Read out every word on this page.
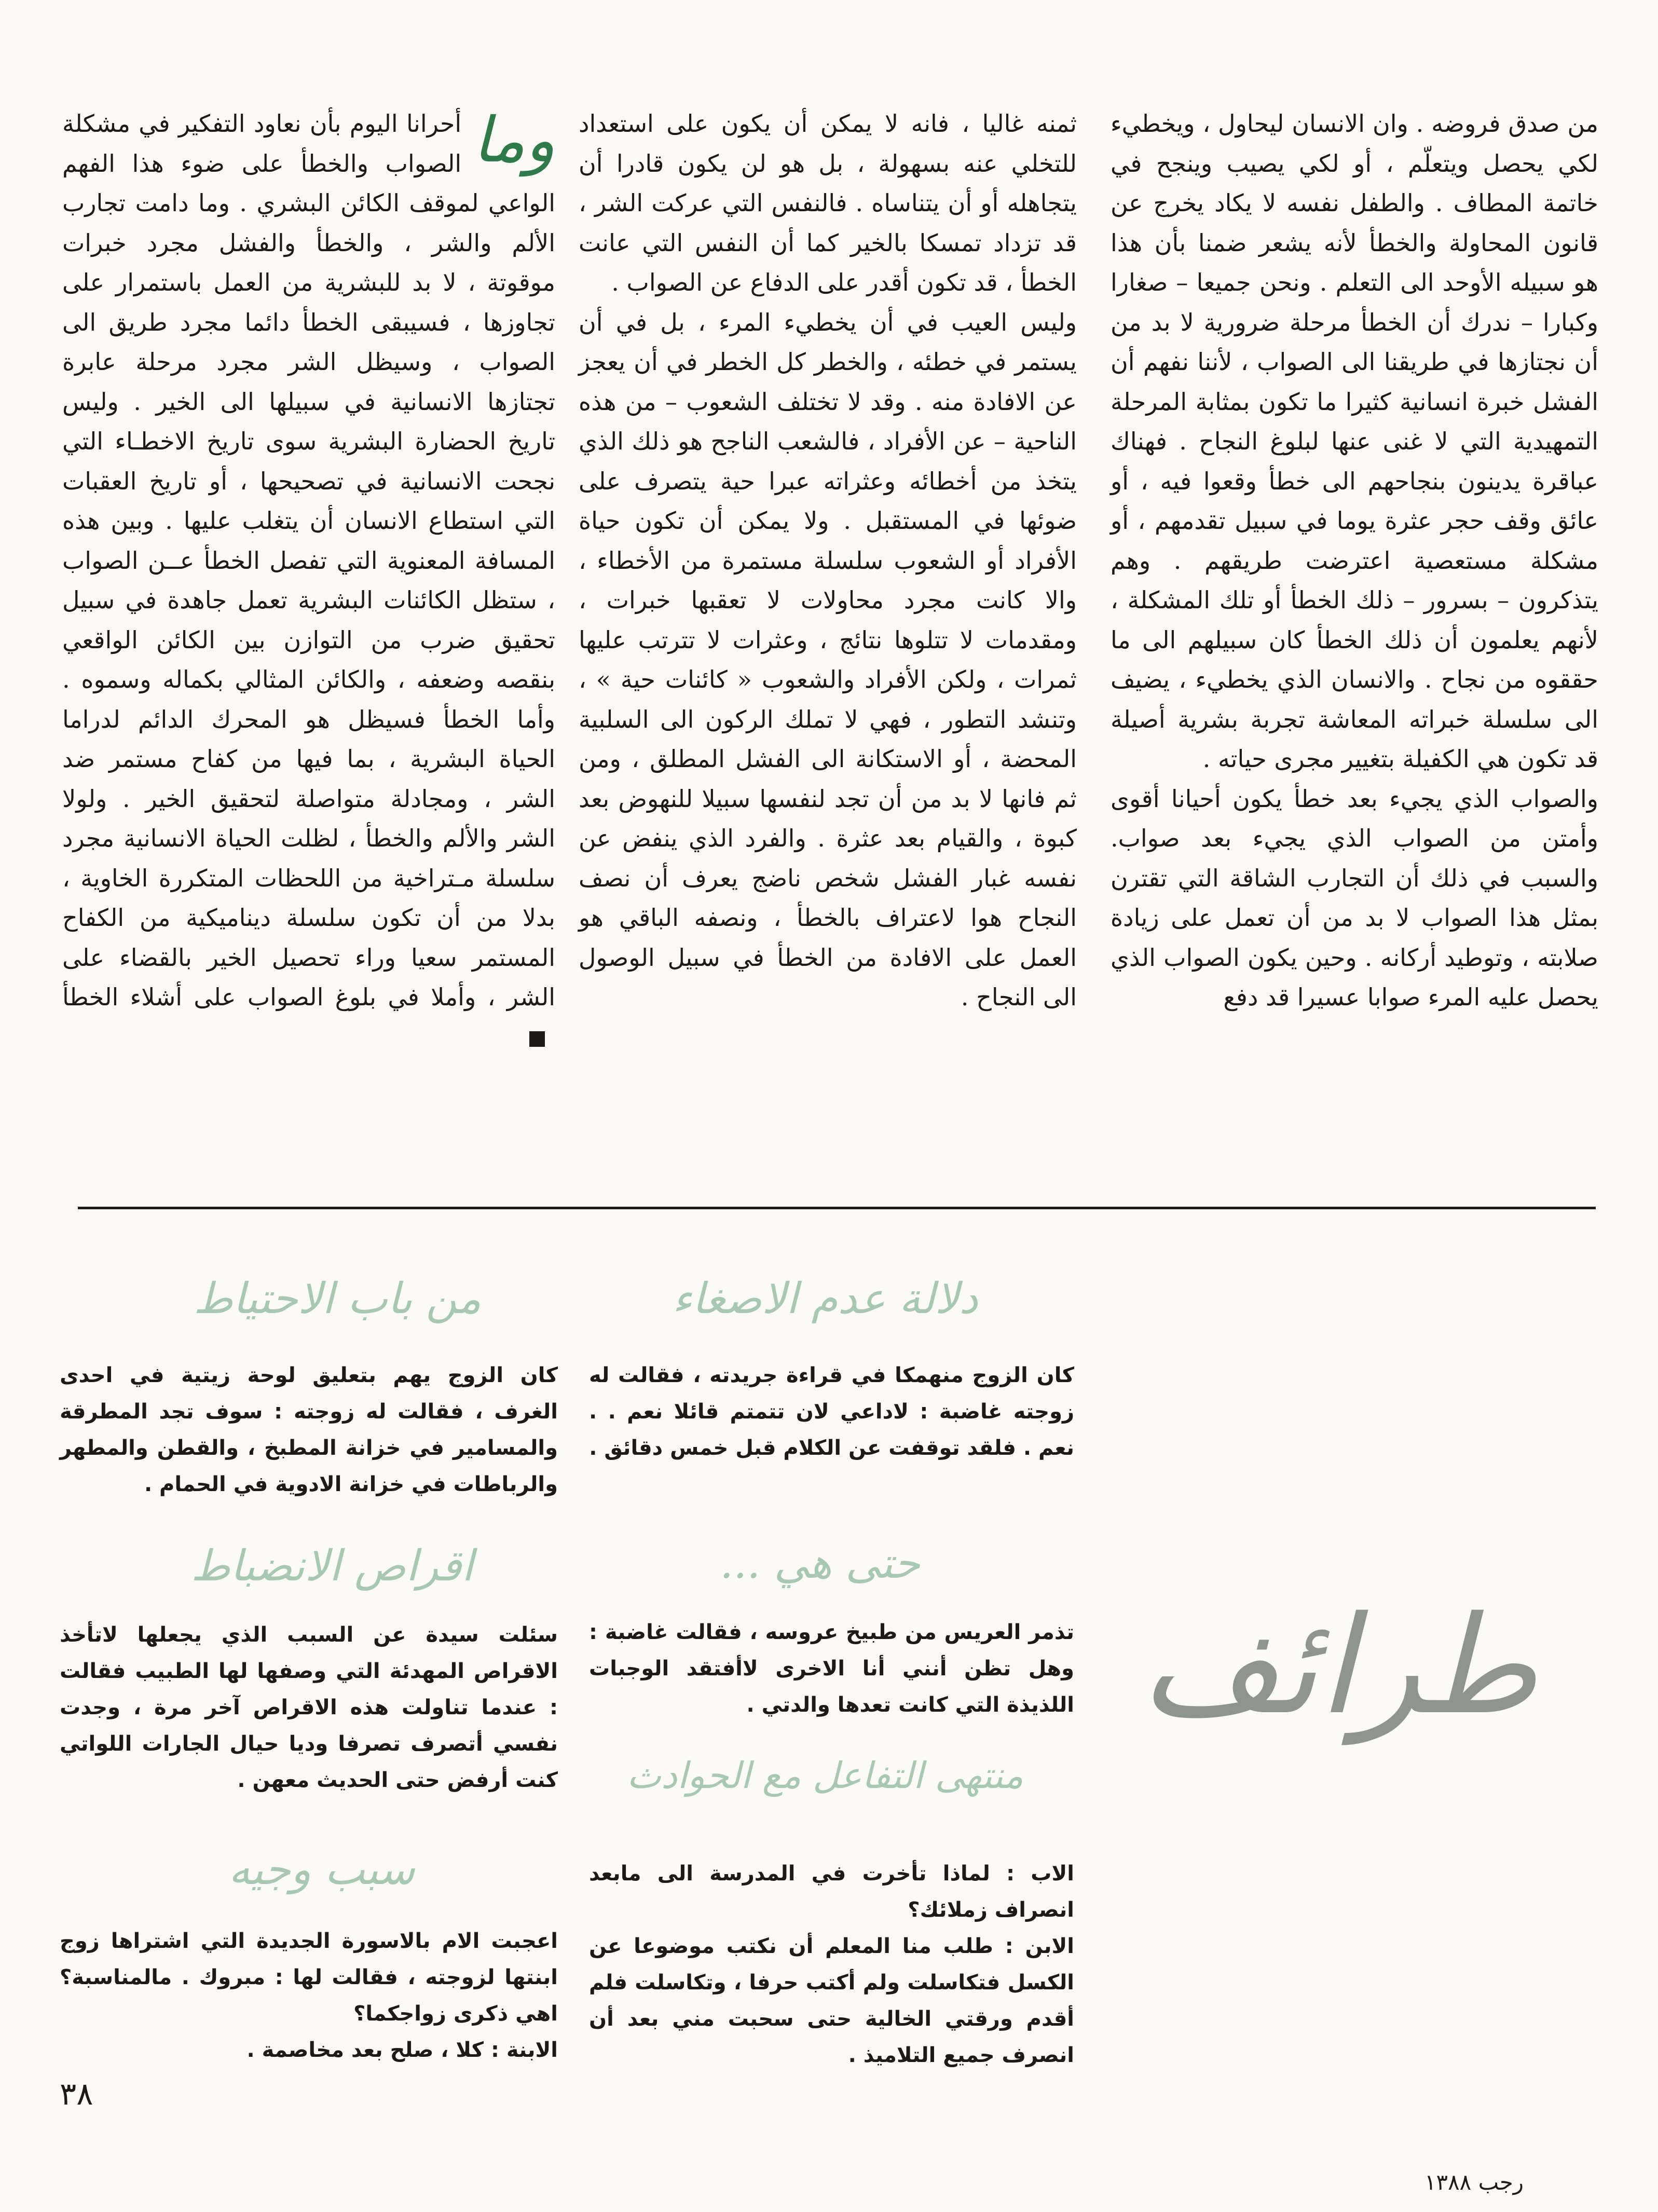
من صدق فروضه . وان الانسان ليحاول ، ويخطيء لكي يحصل ويتعلّم ، أو لكي يصيب وينجح في خاتمة المطاف . والطفل نفسه لا يكاد يخرج عن قانون المحاولة والخطأ لأنه يشعر ضمنا بأن هذا هو سبيله الأوحد الى التعلم . ونحن جميعا – صغارا وكبارا – ندرك أن الخطأ مرحلة ضرورية لا بد من أن نجتازها في طريقنا الى الصواب ، لأننا نفهم أن الفشل خبرة انسانية كثيرا ما تكون بمثابة المرحلة التمهيدية التي لا غنى عنها لبلوغ النجاح . فهناك عباقرة يدينون بنجاحهم الى خطأ وقعوا فيه ، أو عائق وقف حجر عثرة يوما في سبيل تقدمهم ، أو مشكلة مستعصية اعترضت طريقهم . وهم يتذكرون – بسرور – ذلك الخطأ أو تلك المشكلة ، لأنهم يعلمون أن ذلك الخطأ كان سبيلهم الى ما حققوه من نجاح . والانسان الذي يخطيء ، يضيف الى سلسلة خبراته المعاشة تجربة بشرية أصيلة قد تكون هي الكفيلة بتغيير مجرى حياته .

والصواب الذي يجيء بعد خطأ يكون أحيانا أقوى وأمتن من الصواب الذي يجيء بعد صواب. والسبب في ذلك أن التجارب الشاقة التي تقترن بمثل هذا الصواب لا بد من أن تعمل على زيادة صلابته ، وتوطيد أركانه . وحين يكون الصواب الذي يحصل عليه المرء صوابا عسيرا قد دفع

ثمنه غاليا ، فانه لا يمكن أن يكون على استعداد للتخلي عنه بسهولة ، بل هو لن يكون قادرا أن يتجاهله أو أن يتناساه . فالنفس التي عركت الشر ، قد تزداد تمسكا بالخير كما أن النفس التي عانت الخطأ ، قد تكون أقدر على الدفاع عن الصواب .

وليس العيب في أن يخطيء المرء ، بل في أن يستمر في خطئه ، والخطر كل الخطر في أن يعجز عن الافادة منه . وقد لا تختلف الشعوب – من هذه الناحية – عن الأفراد ، فالشعب الناجح هو ذلك الذي يتخذ من أخطائه وعثراته عبرا حية يتصرف على ضوئها في المستقبل . ولا يمكن أن تكون حياة الأفراد أو الشعوب سلسلة مستمرة من الأخطاء ، والا كانت مجرد محاولات لا تعقبها خبرات ، ومقدمات لا تتلوها نتائج ، وعثرات لا تترتب عليها ثمرات ، ولكن الأفراد والشعوب « كائنات حية » ، وتنشد التطور ، فهي لا تملك الركون الى السلبية المحضة ، أو الاستكانة الى الفشل المطلق ، ومن ثم فانها لا بد من أن تجد لنفسها سبيلا للنهوض بعد كبوة ، والقيام بعد عثرة . والفرد الذي ينفض عن نفسه غبار الفشل شخص ناضج يعرف أن نصف النجاح هوا لاعتراف بالخطأ ، ونصفه الباقي هو العمل على الافادة من الخطأ في سبيل الوصول الى النجاح .

وما
أحرانا اليوم بأن نعاود التفكير في مشكلة الصواب والخطأ على ضوء هذا الفهم الواعي لموقف الكائن البشري . وما دامت تجارب الألم والشر ، والخطأ والفشل مجرد خبرات موقوتة ، لا بد للبشرية من العمل باستمرار على تجاوزها ، فسيبقى الخطأ دائما مجرد طريق الى الصواب ، وسيظل الشر مجرد مرحلة عابرة تجتازها الانسانية في سبيلها الى الخير . وليس تاريخ الحضارة البشرية سوى تاريخ الاخطـاء التي نجحت الانسانية في تصحيحها ، أو تاريخ العقبات التي استطاع الانسان أن يتغلب عليها . وبين هذه المسافة المعنوية التي تفصل الخطأ عــن الصواب ، ستظل الكائنات البشرية تعمل جاهدة في سبيل تحقيق ضرب من التوازن بين الكائن الواقعي بنقصه وضعفه ، والكائن المثالي بكماله وسموه . وأما الخطأ فسيظل هو المحرك الدائم لدراما الحياة البشرية ، بما فيها من كفاح مستمر ضد الشر ، ومجادلة متواصلة لتحقيق الخير . ولولا الشر والألم والخطأ ، لظلت الحياة الانسانية مجرد سلسلة مـتراخية من اللحظات المتكررة الخاوية ، بدلا من أن تكون سلسلة ديناميكية من الكفاح المستمر سعيا وراء تحصيل الخير بالقضاء على الشر ، وأملا في بلوغ الصواب على أشلاء الخطأ

دلالة عدم الاصغاء

كان الزوج منهمكا في قراءة جريدته ، فقالت له زوجته غاضبة : لاداعي لان تتمتم قائلا نعم . . نعم . فلقد توقفت عن الكلام قبل خمس دقائق .

حتى هي ...

تذمر العريس من طبيخ عروسه ، فقالت غاضبة : وهل تظن أنني أنا الاخرى لاأفتقد الوجبات اللذيذة التي كانت تعدها والدتي .

منتهى التفاعل مع الحوادث

الاب : لماذا تأخرت في المدرسة الى مابعد انصراف زملائك؟

الابن : طلب منا المعلم أن نكتب موضوعا عن الكسل فتكاسلت ولم أكتب حرفا ، وتكاسلت فلم أقدم ورقتي الخالية حتى سحبت مني بعد أن انصرف جميع التلاميذ .

من باب الاحتياط

كان الزوج يهم بتعليق لوحة زيتية في احدى الغرف ، فقالت له زوجته : سوف تجد المطرقة والمسامير في خزانة المطبخ ، والقطن والمطهر والرباطات في خزانة الادوية في الحمام .

اقراص الانضباط

سئلت سيدة عن السبب الذي يجعلها لاتأخذ الاقراص المهدئة التي وصفها لها الطبيب فقالت : عندما تناولت هذه الاقراص آخر مرة ، وجدت نفسي أتصرف تصرفا وديا حيال الجارات اللواتي كنت أرفض حتى الحديث معهن .

سبب وجيه

اعجبت الام بالاسورة الجديدة التي اشتراها زوج ابنتها لزوجته ، فقالت لها : مبروك . مالمناسبة؟ اهي ذكرى زواجكما؟

الابنة : كلا ، صلح بعد مخاصمة .

طرائف
٣٨
رجب ١٣٨٨
